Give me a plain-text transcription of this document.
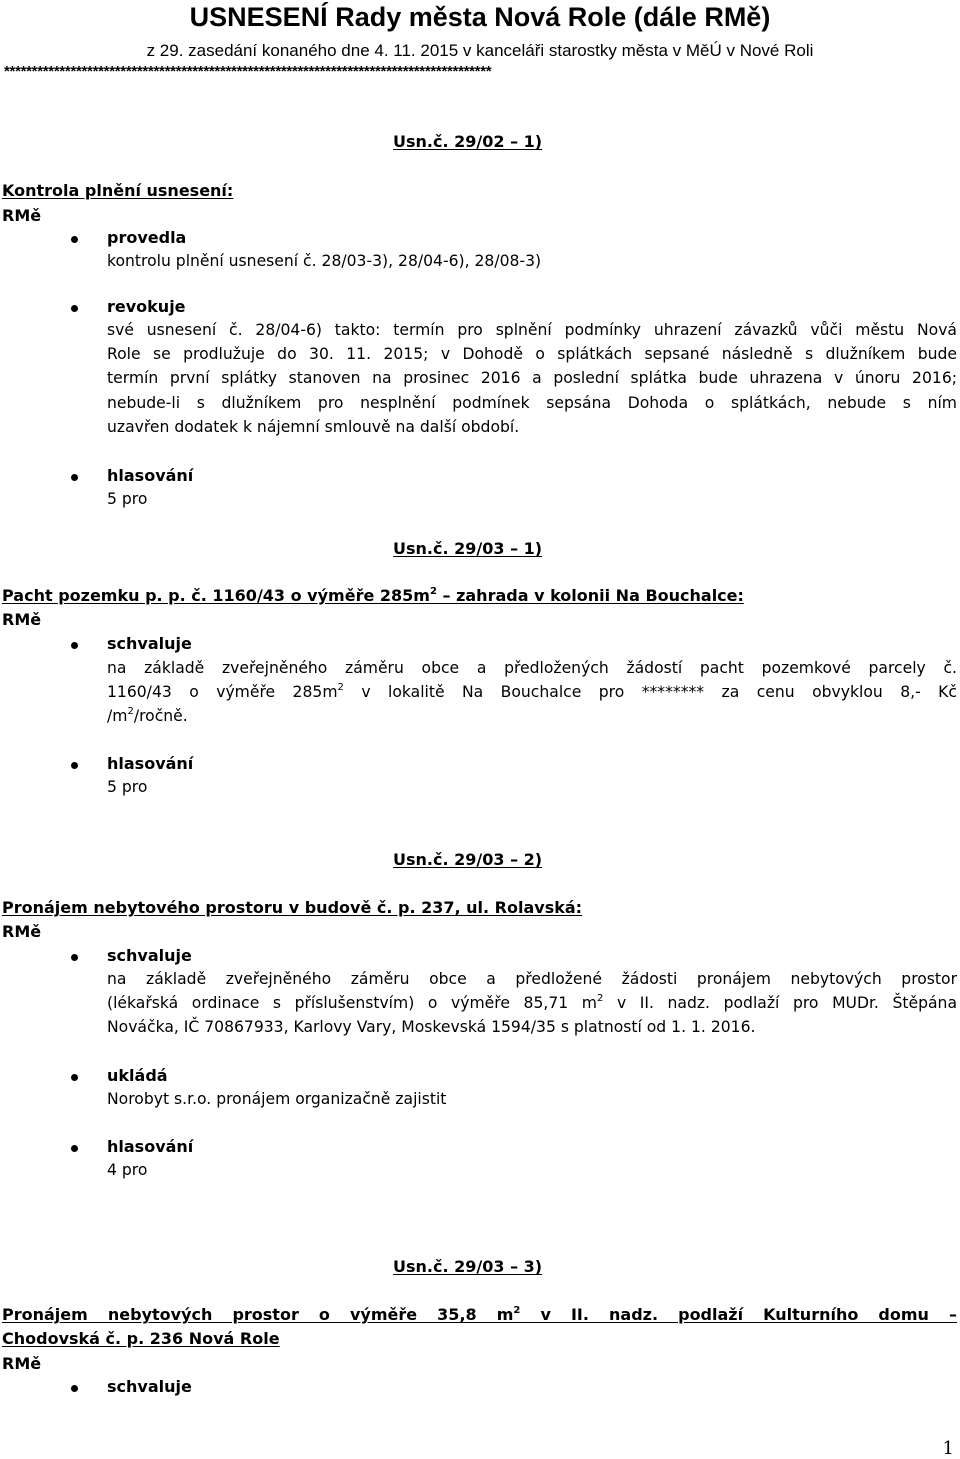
USNESENÍ Rady města Nová Role (dále RMě)
z 29. zasedání konaného dne 4. 11. 2015 v kanceláři starostky města v MěÚ v Nové Roli
****************************************************************************************
Usn.č. 29/02 – 1)
Kontrola plnění usnesení:
RMě
provedla
kontrolu plnění usnesení č. 28/03-3), 28/04-6), 28/08-3)
revokuje
své usnesení č. 28/04-6) takto: termín pro splnění podmínky uhrazení závazků vůči městu Nová
Role se prodlužuje do 30. 11. 2015; v Dohodě o splátkách sepsané následně s dlužníkem bude
termín první splátky stanoven na prosinec 2016 a poslední splátka bude uhrazena v únoru 2016;
nebude-li s dlužníkem pro nesplnění podmínek sepsána Dohoda o splátkách, nebude s ním
uzavřen dodatek k nájemní smlouvě na další období.
hlasování
5 pro
Usn.č. 29/03 – 1)
Pacht pozemku p. p. č. 1160/43 o výměře $285m^2$ – zahrada v kolonii Na Bouchalce:
RMě
schvaluje
na základě zveřejněného záměru obce a předložených žádostí pacht pozemkové parcely č.
1160/43 o výměře $285m^2$ v lokalitě Na Bouchalce pro ******** za cenu obvyklou 8,- Kč
$/m^2$/ročně.
hlasování
5 pro
Usn.č. 29/03 – 2)
Pronájem nebytového prostoru v budově č. p. 237, ul. Rolavská:
RMě
schvaluje
na základě zveřejněného záměru obce a předložené žádosti pronájem nebytových prostor
(lékařská ordinace s příslušenstvím) o výměře 85,71 $m^2$ v II. nadz. podlaží pro MUDr. Štěpána
Nováčka, IČ 70867933, Karlovy Vary, Moskevská 1594/35 s platností od 1. 1. 2016.
ukládá
Norobyt s.r.o. pronájem organizačně zajistit
hlasování
4 pro
Usn.č. 29/03 – 3)
Pronájem nebytových prostor o výměře 35,8 $m^2$ v II. nadz. podlaží Kulturního domu –
Chodovská č. p. 236 Nová Role
RMě
schvaluje
1
